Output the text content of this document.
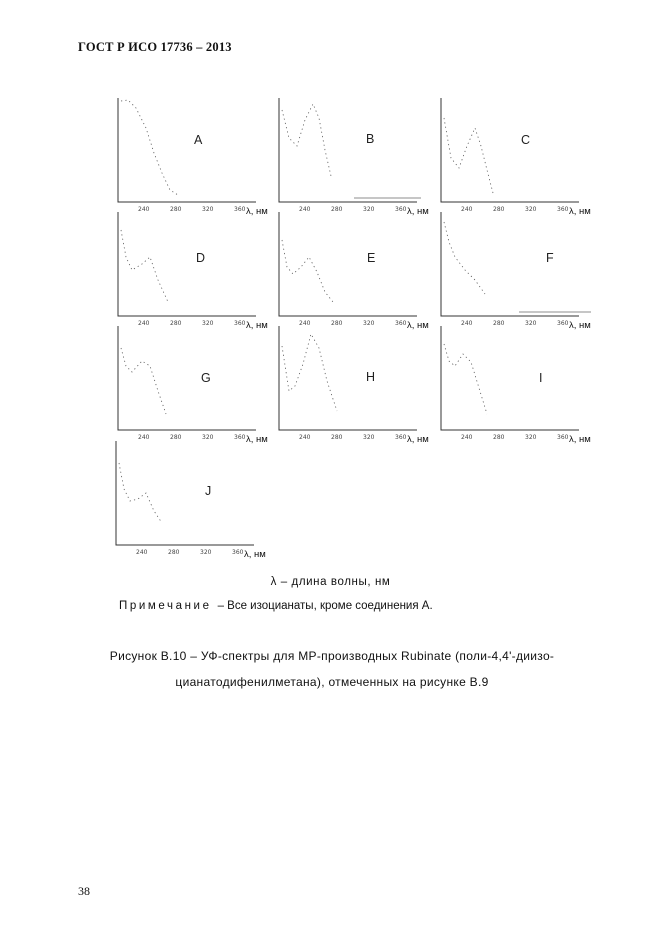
ГОСТ Р ИСО 17736 – 2013
240	280	320	360 λ, нм
A
240	280	320	360 λ, нм
B
240	280	320	360 λ, нм
C
240	280	320	360 λ, нм
D
240	280	320	360 λ, нм
E
240	280	320	360 λ, нм
F
240	280	320	360 λ, нм
G
240	280	320	360 λ, нм
H
240	280	320	360 λ, нм
I
240	280	320	360 λ, нм
J
λ – длина волны, нм
Примечание – Все изоцианаты, кроме соединения А.
Рисунок В.10 – УФ-спектры для МР-производных Rubinate (поли-4,4'-диизо-
цианатодифенилметана), отмеченных на рисунке В.9
38
